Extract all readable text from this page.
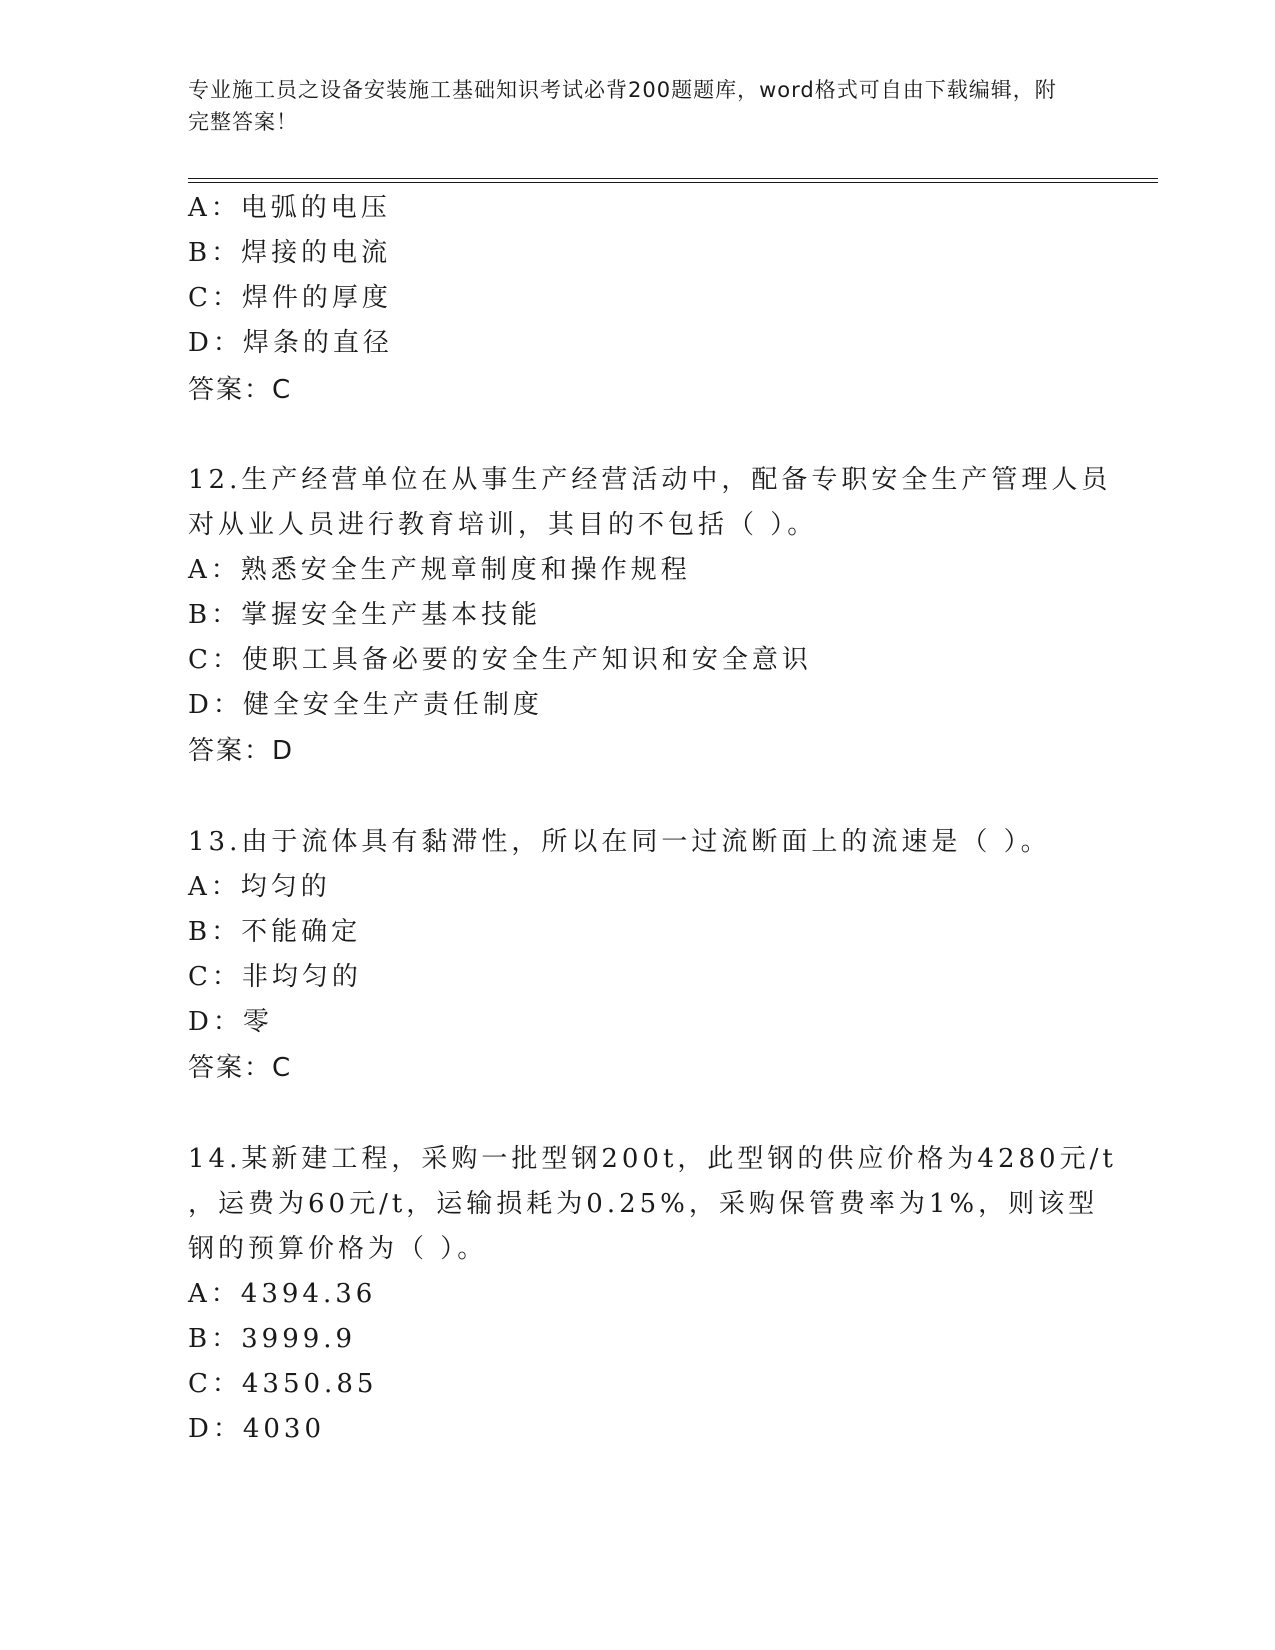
专业施工员之设备安装施工基础知识考试必背200题题库，word格式可自由下载编辑，附完整答案！
A：电弧的电压
B：焊接的电流
C：焊件的厚度
D：焊条的直径
答案：C
12.生产经营单位在从事生产经营活动中，配备专职安全生产管理人员
对从业人员进行教育培训，其目的不包括（ ）。
A：熟悉安全生产规章制度和操作规程
B：掌握安全生产基本技能
C：使职工具备必要的安全生产知识和安全意识
D：健全安全生产责任制度
答案：D
13.由于流体具有黏滞性，所以在同一过流断面上的流速是（ ）。
A：均匀的
B：不能确定
C：非均匀的
D：零
答案：C
14.某新建工程，采购一批型钢200t，此型钢的供应价格为4280元/t
，运费为60元/t，运输损耗为0.25%，采购保管费率为1%，则该型
钢的预算价格为（ ）。
A：4394.36
B：3999.9
C：4350.85
D：4030
